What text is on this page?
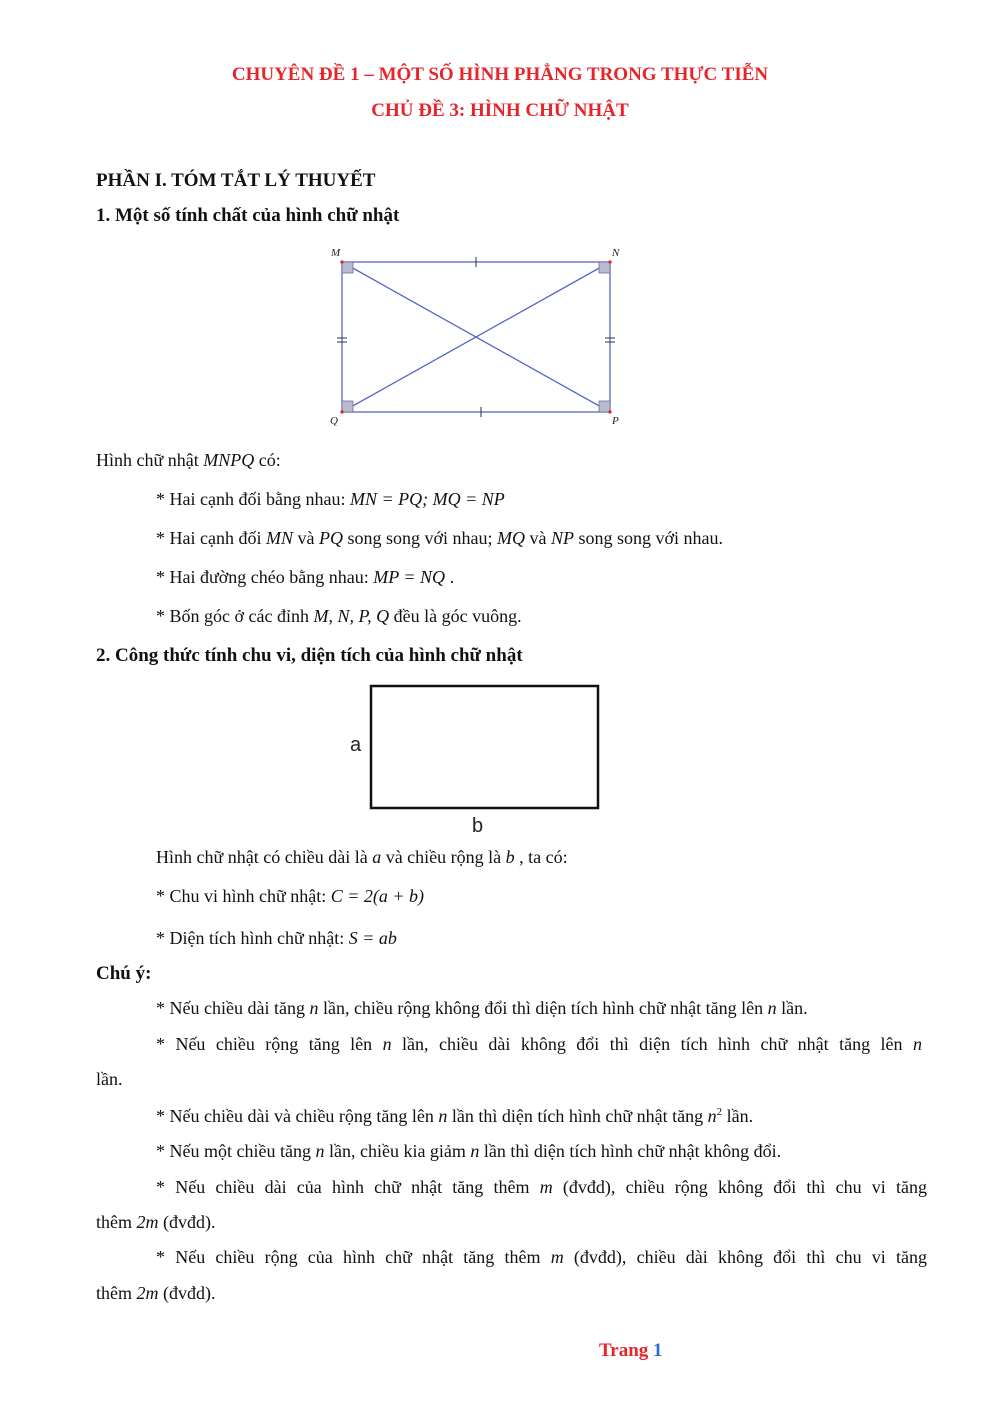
CHUYÊN ĐỀ 1 – MỘT SỐ HÌNH PHẲNG TRONG THỰC TIỄN
CHỦ ĐỀ 3: HÌNH CHỮ NHẬT
PHẦN I. TÓM TẮT LÝ THUYẾT
1. Một số tính chất của hình chữ nhật
M	N
P
Q
Hình chữ nhật MNPQ có:
* Hai cạnh đối bằng nhau: MN = PQ; MQ = NP
* Hai cạnh đối MN và PQ song song với nhau; MQ và NP song song với nhau.
* Hai đường chéo bằng nhau: MP = NQ .
* Bốn góc ở các đỉnh M, N, P, Q đều là góc vuông.
2. Công thức tính chu vi, diện tích của hình chữ nhật
a
b
Hình chữ nhật có chiều dài là a và chiều rộng là b , ta có:
* Chu vi hình chữ nhật: C = 2(a + b)
* Diện tích hình chữ nhật: S = ab
Chú ý:
* Nếu chiều dài tăng n lần, chiều rộng không đổi thì diện tích hình chữ nhật tăng lên n lần.
* Nếu chiều rộng tăng lên n lần, chiều dài không đổi thì diện tích hình chữ nhật tăng lên n
lần.
* Nếu chiều dài và chiều rộng tăng lên n lần thì diện tích hình chữ nhật tăng $n^2$ lần.
* Nếu một chiều tăng n lần, chiều kia giảm n lần thì diện tích hình chữ nhật không đổi.
* Nếu chiều dài của hình chữ nhật tăng thêm m (đvđd), chiều rộng không đổi thì chu vi tăng
thêm 2m (đvđd).
* Nếu chiều rộng của hình chữ nhật tăng thêm m (đvđd), chiều dài không đổi thì chu vi tăng
thêm 2m (đvđd).
Trang 1
